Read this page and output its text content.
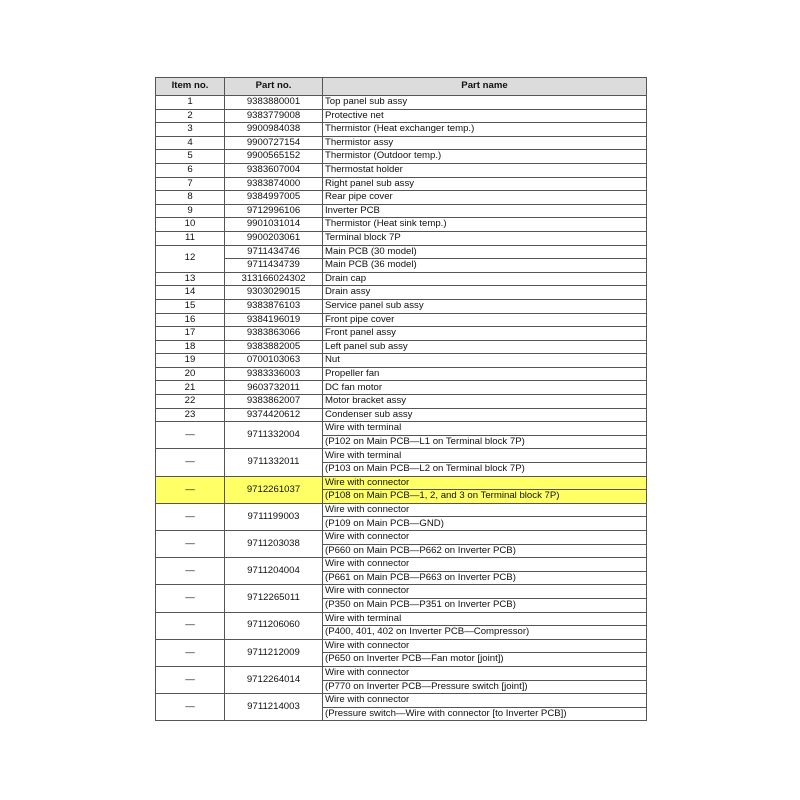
Item no.	Part no.	Part name
1	9383880001	Top panel sub assy
2	9383779008	Protective net
3	9900984038	Thermistor (Heat exchanger temp.)
4	9900727154	Thermistor assy
5	9900565152	Thermistor (Outdoor temp.)
6	9383607004	Thermostat holder
7	9383874000	Right panel sub assy
8	9384997005	Rear pipe cover
9	9712996106	Inverter PCB
10	9901031014	Thermistor (Heat sink temp.)
11	9900203061	Terminal block 7P
12	9711434746	Main PCB (30 model)
	9711434739	Main PCB (36 model)
13	313166024302	Drain cap
14	9303029015	Drain assy
15	9383876103	Service panel sub assy
16	9384196019	Front pipe cover
17	9383863066	Front panel assy
18	9383882005	Left panel sub assy
19	0700103063	Nut
20	9383336003	Propeller fan
21	9603732011	DC fan motor
22	9383862007	Motor bracket assy
23	9374420612	Condenser sub assy
—	9711332004	Wire with terminal
		(P102 on Main PCB—L1 on Terminal block 7P)
—	9711332011	Wire with terminal
		(P103 on Main PCB—L2 on Terminal block 7P)
—	9712261037	Wire with connector
		(P108 on Main PCB—1, 2, and 3 on Terminal block 7P)
—	9711199003	Wire with connector
		(P109 on Main PCB—GND)
—	9711203038	Wire with connector
		(P660 on Main PCB—P662 on Inverter PCB)
—	9711204004	Wire with connector
		(P661 on Main PCB—P663 on Inverter PCB)
—	9712265011	Wire with connector
		(P350 on Main PCB—P351 on Inverter PCB)
—	9711206060	Wire with terminal
		(P400, 401, 402 on Inverter PCB—Compressor)
—	9711212009	Wire with connector
		(P650 on Inverter PCB—Fan motor [joint])
—	9712264014	Wire with connector
		(P770 on Inverter PCB—Pressure switch [joint])
—	9711214003	Wire with connector
		(Pressure switch—Wire with connector [to Inverter PCB])
